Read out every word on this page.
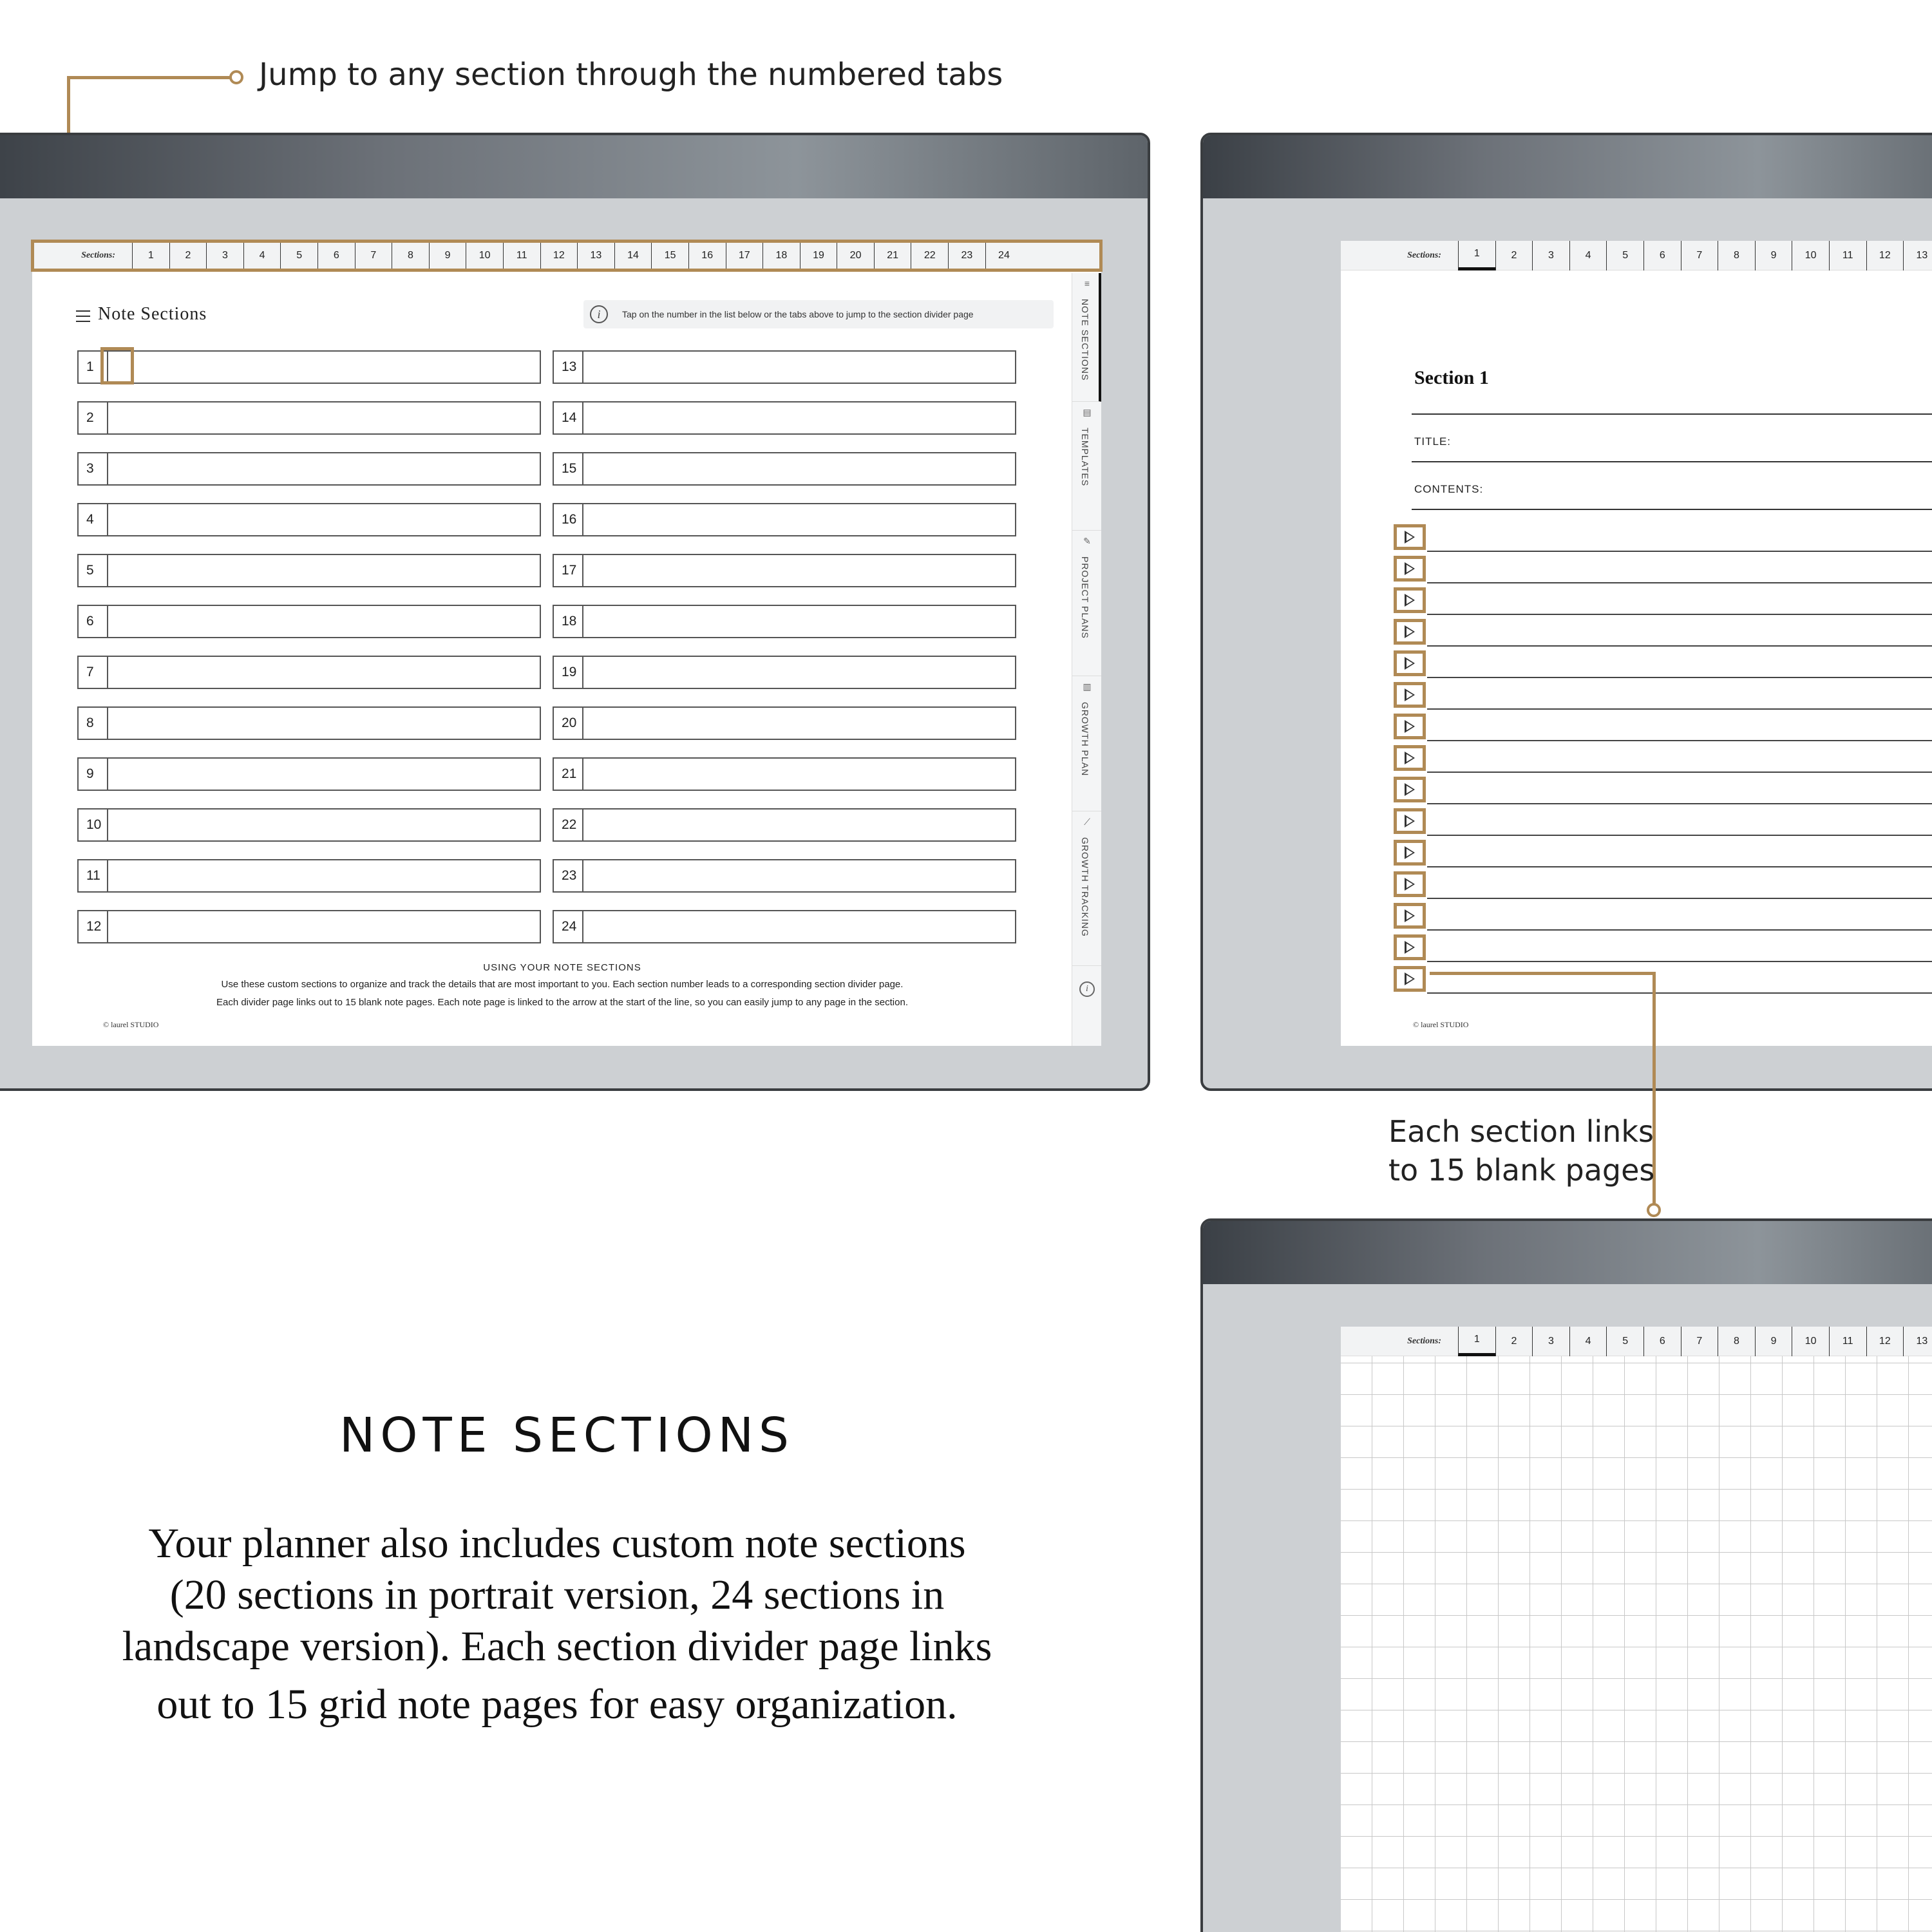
Jump to any section through the numbered tabs
Sections:	1	2	3	4	5	6	7	8	9	10	11	12	13	14	15	16	17	18	19	20	21	22	23	24
Note Sections	i	Tap on the number in the list below or the tabs above to jump to the section divider page
1
2
3
4
5
6
7
8
9
10
11
12
13
14
15
16
17
18
19
20
21
22
23
24
USING YOUR NOTE SECTIONS
Use these custom sections to organize and track the details that are most important to you. Each section number leads to a corresponding section divider page.
Each divider page links out to 15 blank note pages. Each note page is linked to the arrow at the start of the line, so you can easily jump to any page in the section.
© laurel STUDIO
≡
NOTE SECTIONS
▤
TEMPLATES
✎
PROJECT PLANS
▥
GROWTH PLAN
⟋
GROWTH TRACKING
i
Sections:	1	2	3	4	5	6	7	8	9	10	11	12	13
Section 1
TITLE:
CONTENTS:
© laurel STUDIO
Each section links
to 15 blank pages
Sections:	1	2	3	4	5	6	7	8	9	10	11	12	13
NOTE SECTIONS
Your planner also includes custom note sections
(20 sections in portrait version, 24 sections in
landscape version). Each section divider page links
out to 15 grid note pages for easy organization.
